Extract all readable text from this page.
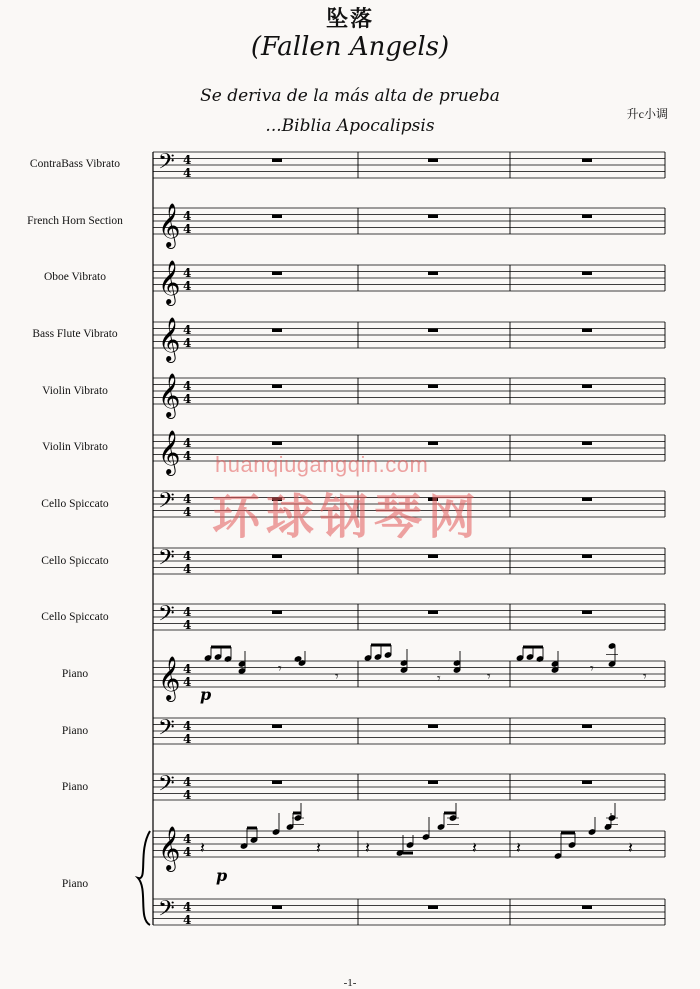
坠落
(Fallen Angels)
Se deriva de la más alta de prueba
...Biblia Apocalipsis
升c小调
ContraBass Vibrato
French Horn Section
Oboe Vibrato
Bass Flute Vibrato
Violin Vibrato
Violin Vibrato
Cello Spiccato
Cello Spiccato
Cello Spiccato
Piano
Piano
Piano
Piano
𝄢 4
4
𝄞 4
4
𝄞 4
4
𝄞 4
4
𝄞 4
4
𝄞 4
4
𝄢 4
4
𝄢 4
4
𝄢 4
4
𝄞 4
4
𝄢 4
4
𝄢 4
4
𝄞 4
4
𝄢 4
4
𝄾	𝄾	𝄾	𝄾	𝄾	𝄾
𝄽	𝄽	𝄽	𝄽 𝄽	𝄽
p
p
huanqiugangqin.com
环球钢琴网
-1-
